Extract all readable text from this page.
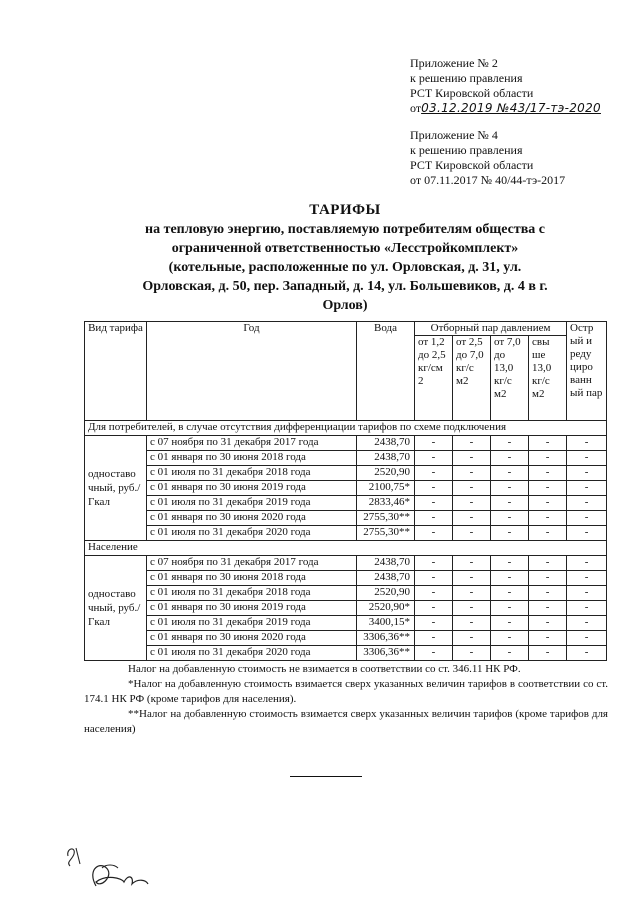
Приложение № 2
к решению правления
РСТ Кировской области
от03.12.2019 №43/17-тэ-2020
Приложение № 4
к решению правления
РСТ Кировской области
от 07.11.2017 № 40/44-тэ-2017
ТАРИФЫ
на тепловую энергию, поставляемую потребителям общества с
ограниченной ответственностью «Лесстройкомплект»
(котельные, расположенные по ул. Орловская, д. 31, ул.
Орловская, д. 50, пер. Западный, д. 14, ул. Большевиков, д. 4 в г.
Орлов)
Вид тарифа	Год	Вода	Отборный пар давлением				Остр ый и реду циро ванн ый пар
			от 1,2 до 2,5 кг/см 2	от 2,5 до 7,0 кг/с м2	от 7,0 до 13,0 кг/с м2	свы ше 13,0 кг/с м2	
Для потребителей, в случае отсутствия дифференциации тарифов по схеме подключения							
одноставо чный, руб./Гкал	с 07 ноября по 31 декабря 2017 года	2438,70	-	-	-	-	-
	с 01 января по 30 июня 2018 года	2438,70	-	-	-	-	-
	с 01 июля по 31 декабря 2018 года	2520,90	-	-	-	-	-
	с 01 января по 30 июня 2019 года	2100,75*	-	-	-	-	-
	с 01 июля по 31 декабря 2019 года	2833,46*	-	-	-	-	-
	с 01 января по 30 июня 2020 года	2755,30**	-	-	-	-	-
	с 01 июля по 31 декабря 2020 года	2755,30**	-	-	-	-	-
Население							
одноставо чный, руб./Гкал	с 07 ноября по 31 декабря 2017 года	2438,70	-	-	-	-	-
	с 01 января по 30 июня 2018 года	2438,70	-	-	-	-	-
	с 01 июля по 31 декабря 2018 года	2520,90	-	-	-	-	-
	с 01 января по 30 июня 2019 года	2520,90*	-	-	-	-	-
	с 01 июля по 31 декабря 2019 года	3400,15*	-	-	-	-	-
	с 01 января по 30 июня 2020 года	3306,36**	-	-	-	-	-
	с 01 июля по 31 декабря 2020 года	3306,36**	-	-	-	-	-

Налог на добавленную стоимость не взимается в соответствии со ст. 346.11 НК РФ.

*Налог на добавленную стоимость взимается сверх указанных величин тарифов в соответствии со ст. 174.1 НК РФ (кроме тарифов для населения).

**Налог на добавленную стоимость взимается сверх указанных величин тарифов (кроме тарифов для населения)
